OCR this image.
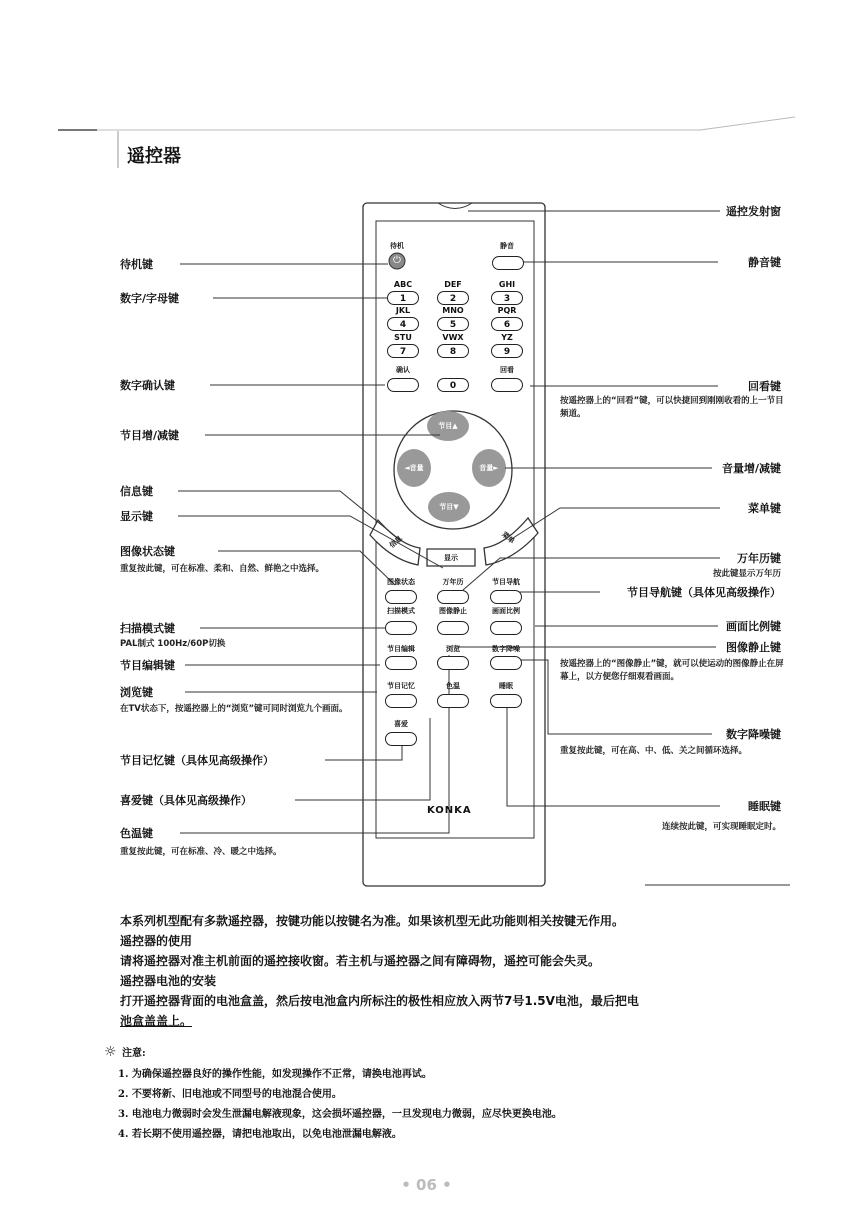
遥控器
待机	静音
⏻
ABC	DEF	GHI
1	2	3
JKL	MNO	PQR
4	5	6
STU	VWX	YZ
7	8	9
确认	回看
0
节目▲
节目▼
◄音量	音量►
信息
显示
菜单
图像状态	万年历	节目导航
扫描模式	图像静止	画面比例
节目编辑	浏览	数字降噪
节目记忆	色温	睡眠
喜爱
KONKA
待机键
数字/字母键
数字确认键
节目增/减键
信息键
显示键
图像状态键
重复按此键，可在标准、柔和、自然、鲜艳之中选择。
扫描模式键
PAL制式 100Hz/60P切换
节目编辑键
浏览键
在TV状态下，按遥控器上的“浏览”键可同时浏览九个画面。
节目记忆键（具体见高级操作）
喜爱键（具体见高级操作）
色温键
重复按此键，可在标准、冷、暖之中选择。
遥控发射窗
静音键
回看键
按遥控器上的“回看”键，可以快捷回到刚刚收看的上一节目频道。
音量增/减键
菜单键
万年历键
按此键显示万年历
节目导航键（具体见高级操作）
画面比例键
图像静止键
按遥控器上的“图像静止”键，就可以使运动的图像静止在屏幕上，以方便您仔细观看画面。
数字降噪键
重复按此键，可在高、中、低、关之间循环选择。
睡眠键
连续按此键，可实现睡眠定时。
本系列机型配有多款遥控器，按键功能以按键名为准。如果该机型无此功能则相关按键无作用。
遥控器的使用
请将遥控器对准主机前面的遥控接收窗。若主机与遥控器之间有障碍物，遥控可能会失灵。
遥控器电池的安装
打开遥控器背面的电池盒盖，然后按电池盒内所标注的极性相应放入两节7号1.5V电池，最后把电
池盒盖盖上。
☼ 注意:
1. 为确保遥控器良好的操作性能，如发现操作不正常，请换电池再试。
2. 不要将新、旧电池或不同型号的电池混合使用。
3. 电池电力微弱时会发生泄漏电解液现象，这会损坏遥控器，一旦发现电力微弱，应尽快更换电池。
4. 若长期不使用遥控器，请把电池取出，以免电池泄漏电解液。
• 06 •
